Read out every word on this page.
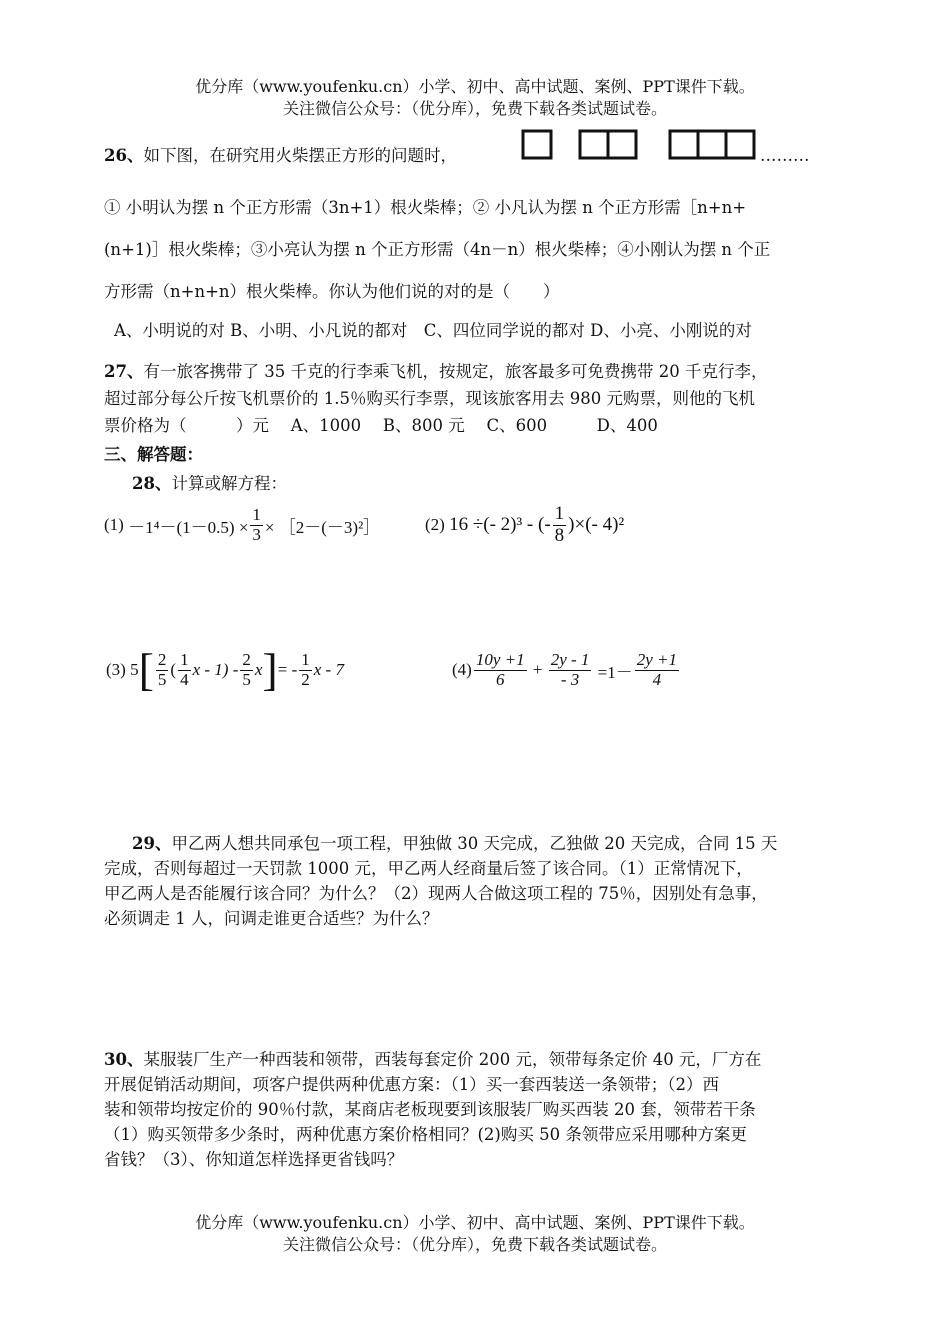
优分库（www.youfenku.cn）小学、初中、高中试题、案例、PPT课件下载。
关注微信公众号：（优分库），免费下载各类试题试卷。
26、如下图，在研究用火柴摆正方形的问题时，	………
① 小明认为摆 n 个正方形需（3n+1）根火柴棒；② 小凡认为摆 n 个正方形需［n+n+
(n+1)］根火柴棒；③小亮认为摆 n 个正方形需（4n－n）根火柴棒；④小刚认为摆 n 个正
方形需（n+n+n）根火柴棒。你认为他们说的对的是（　　）
A、小明说的对 B、小明、小凡说的都对　C、四位同学说的都对 D、小亮、小刚说的对
27、有一旅客携带了 35 千克的行李乘飞机，按规定，旅客最多可免费携带 20 千克行李，
超过部分每公斤按飞机票价的 1.5％购买行李票，现该旅客用去 980 元购票，则他的飞机
票价格为（　　　）元　 A、1000　 B、800 元　 C、600　　　D、400
三、解答题：
28、计算或解方程：
(1)
$-1^4-(1-0.5) \times \frac{1}{3}$ × ［2－(－3)²］	(2)
16 ÷(- 2)³ - (- $\frac{1}{8}$ )×(- 4)²
(3)
5 [ $\frac{2}{5}$ ( $\frac{1}{4}$ x - $1) - \frac{2}{5}$ x ] = - $\frac{1}{2}$ x - 7	$(4) \frac{10y +1}{6}$
+
$\frac{2y - 1}{- 3}$
$=1- \frac{2y +1}{4}$
29、甲乙两人想共同承包一项工程，甲独做 30 天完成，乙独做 20 天完成，合同 15 天
完成，否则每超过一天罚款 1000 元，甲乙两人经商量后签了该合同。（1）正常情况下，
甲乙两人是否能履行该合同？为什么？（2）现两人合做这项工程的 75％，因别处有急事，
必须调走 1 人，问调走谁更合适些？为什么？
30、某服装厂生产一种西装和领带，西装每套定价 200 元，领带每条定价 40 元，厂方在
开展促销活动期间，项客户提供两种优惠方案：（1）买一套西装送一条领带；（2）西
装和领带均按定价的 90％付款，某商店老板现要到该服装厂购买西装 20 套，领带若干条
（1）购买领带多少条时，两种优惠方案价格相同？(2)购买 50 条领带应采用哪种方案更
省钱？（3）、你知道怎样选择更省钱吗？
优分库（www.youfenku.cn）小学、初中、高中试题、案例、PPT课件下载。
关注微信公众号：（优分库），免费下载各类试题试卷。
